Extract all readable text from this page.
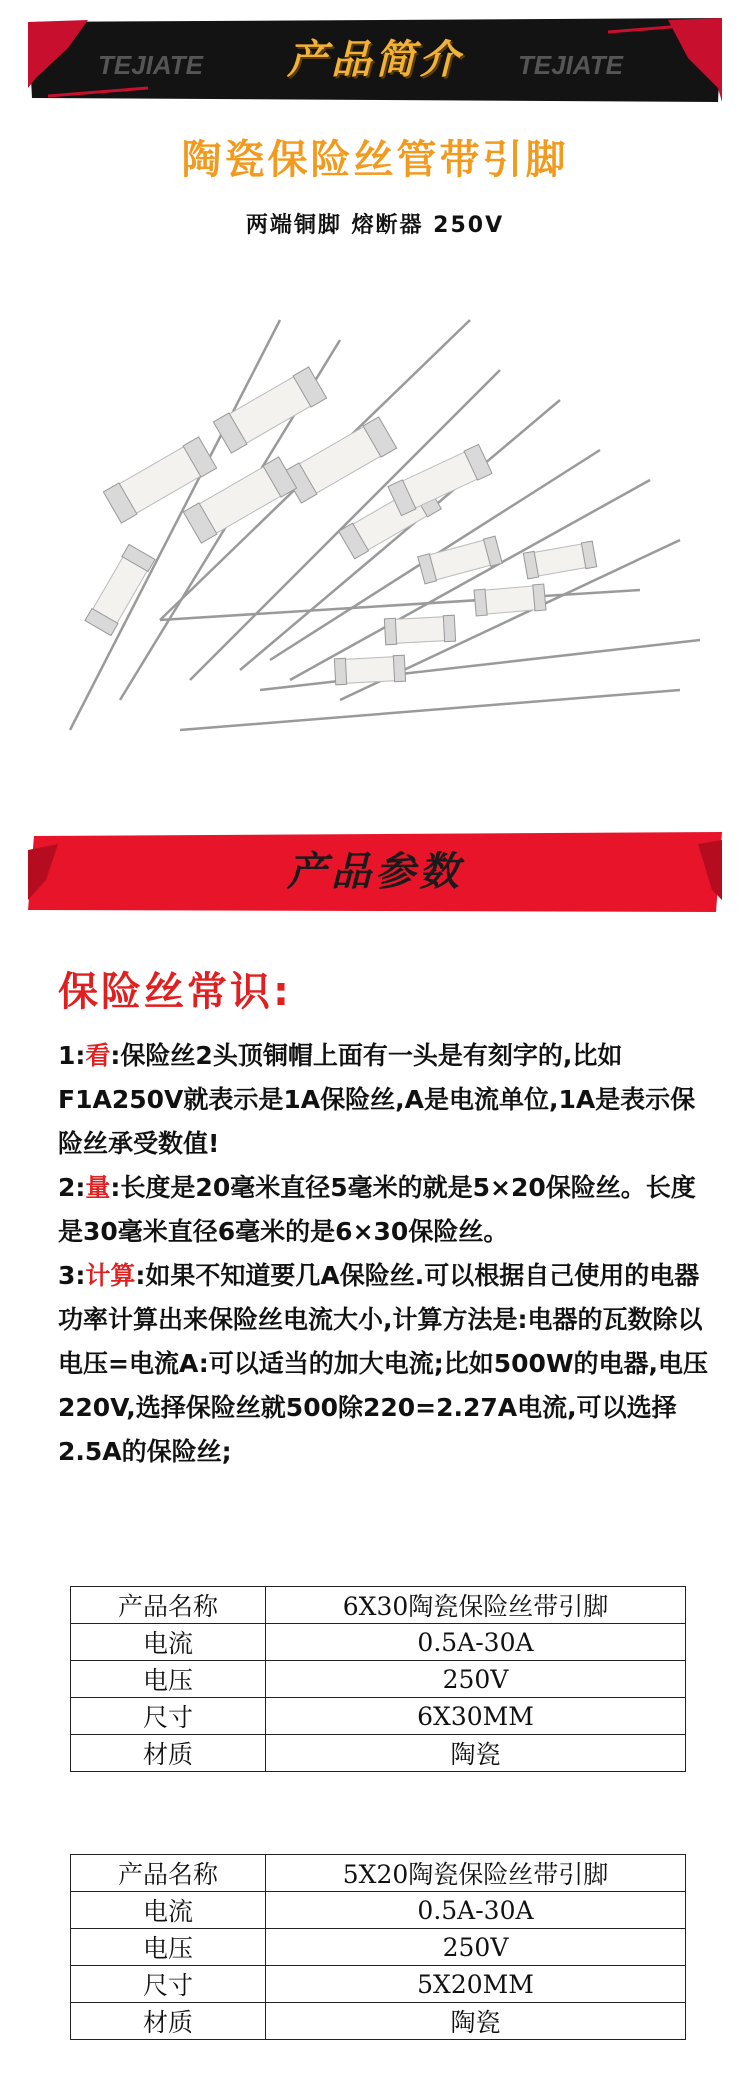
TEJIATE	TEJIATE
产品简介
陶瓷保险丝管带引脚
两端铜脚 熔断器 250V
产品参数
保险丝常识:

1:看:保险丝2头顶铜帽上面有一头是有刻字的,比如F1A250V就表示是1A保险丝,A是电流单位,1A是表示保险丝承受数值!

2:量:长度是20毫米直径5毫米的就是5×20保险丝。长度是30毫米直径6毫米的是6×30保险丝。

3:计算:如果不知道要几A保险丝.可以根据自己使用的电器功率计算出来保险丝电流大小,计算方法是:电器的瓦数除以电压=电流A:可以适当的加大电流;比如500W的电器,电压220V,选择保险丝就500除220=2.27A电流,可以选择2.5A的保险丝;

产品名称	6X30陶瓷保险丝带引脚
电流	0.5A-30A
电压	250V
尺寸	6X30MM
材质	陶瓷
产品名称	5X20陶瓷保险丝带引脚
电流	0.5A-30A
电压	250V
尺寸	5X20MM
材质	陶瓷
